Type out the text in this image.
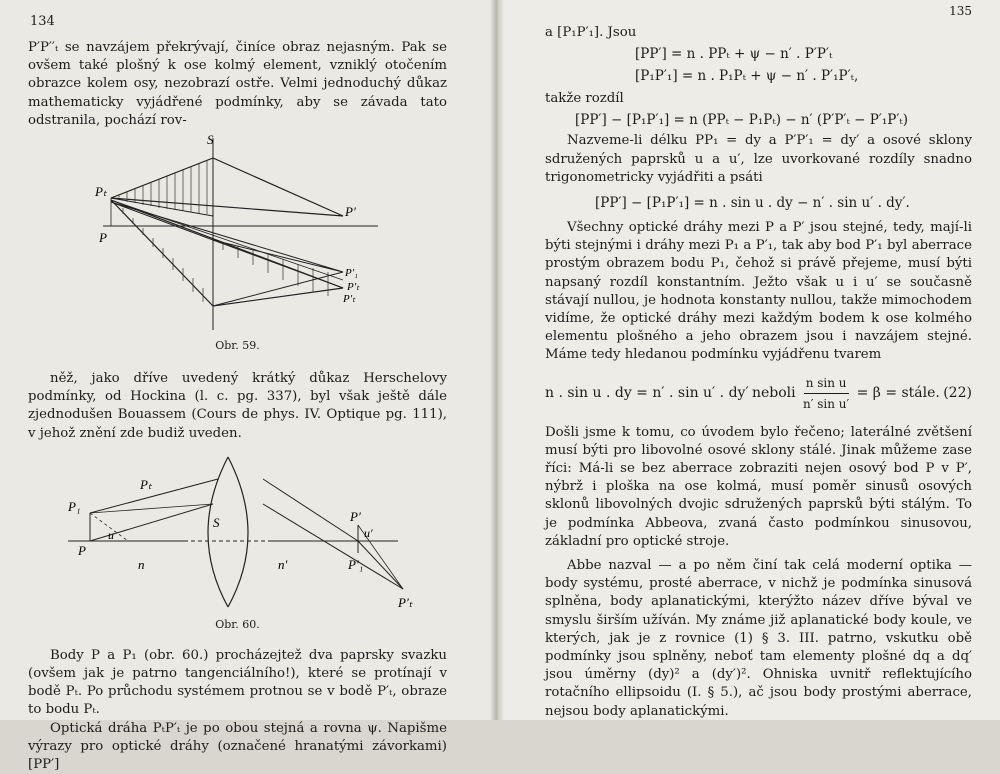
134

P′P′′ₜ se navzájem překrývají, činíce obraz nejasným. Pak se ovšem také plošný k ose kolmý element, vzniklý otočením obrazce kolem osy, nezobrazí ostře. Velmi jednoduchý důkaz mathematicky vyjádřené podmínky, aby se závada tato odstranila, pochází rov-

S
Pₜ
P
P′
P′₁
P′ₜ
P′ₜ
Obr. 59.

něž, jako dříve uvedený krátký důkaz Herschelovy podmínky, od Hockina (l. c. pg. 337), byl však ještě dále zjednodušen Bouassem (Cours de phys. IV. Optique pg. 111), v jehož znění zde budiž uveden.

P₁
Pₜ
u
P
n
S
n′
P′
u′
P′₁
P′ₜ
Obr. 60.

Body P a P₁ (obr. 60.) procházejtež dva paprsky svazku (ovšem jak je patrno tangenciálního!), které se protínají v bodě Pₜ. Po průchodu systémem protnou se v bodě P′ₜ, obraze to bodu Pₜ.

Optická dráha PₜP′ₜ je po obou stejná a rovna ψ. Napišme výrazy pro optické dráhy (označené hranatými závorkami) [PP′]

135

a [P₁P′₁]. Jsou

[PP′] = n . PPₜ + ψ − n′ . P′P′ₜ
[P₁P′₁] = n . P₁Pₜ + ψ − n′ . P′₁P′ₜ,

takže rozdíl

[PP′] − [P₁P′₁] = n (PPₜ − P₁Pₜ) − n′ (P′P′ₜ − P′₁P′ₜ)

Nazveme-li délku PP₁ = dy a P′P′₁ = dy′ a osové sklony sdružených paprsků u a u′, lze uvorkované rozdíly snadno trigonometricky vyjádřiti a psáti

[PP′] − [P₁P′₁] = n . sin u . dy − n′ . sin u′ . dy′.

Všechny optické dráhy mezi P a P′ jsou stejné, tedy, mají-li býti stejnými i dráhy mezi P₁ a P′₁, tak aby bod P′₁ byl aberrace prostým obrazem bodu P₁, čehož si právě přejeme, musí býti napsaný rozdíl konstantním. Ježto však u i u′ se současně stávají nullou, je hodnota konstanty nullou, takže mimochodem vidíme, že optické dráhy mezi každým bodem k ose kolmého elementu plošného a jeho obrazem jsou i navzájem stejné. Máme tedy hledanou podmínku vyjádřenu tvarem

n . sin u . dy = n′ . sin u′ . dy′ neboli $\frac{\text{n sin u}}{\text{n′ sin u′}} = \beta$ = stále. (22)

Došli jsme k tomu, co úvodem bylo řečeno; laterálné zvětšení musí býti pro libovolné osové sklony stálé. Jinak můžeme zase říci: Má-li se bez aberrace zobraziti nejen osový bod P v P′, nýbrž i ploška na ose kolmá, musí poměr sinusů osových sklonů libovolných dvojic sdružených paprsků býti stálým. To je podmínka Abbeova, zvaná často podmínkou sinusovou, základní pro optické stroje.

Abbe nazval — a po něm činí tak celá moderní optika — body systému, prosté aberrace, v nichž je podmínka sinusová splněna, body aplanatickými, kterýžto název dříve býval ve smyslu širším užíván. My známe již aplanatické body koule, ve kterých, jak je z rovnice (1) § 3. III. patrno, vskutku obě podmínky jsou splněny, neboť tam elementy plošné dq a dq′ jsou úměrny (dy)² a (dy′)². Ohniska uvnitř reflektujícího rotačního ellipsoidu (I. § 5.), ač jsou body prostými aberrace, nejsou body aplanatickými.
